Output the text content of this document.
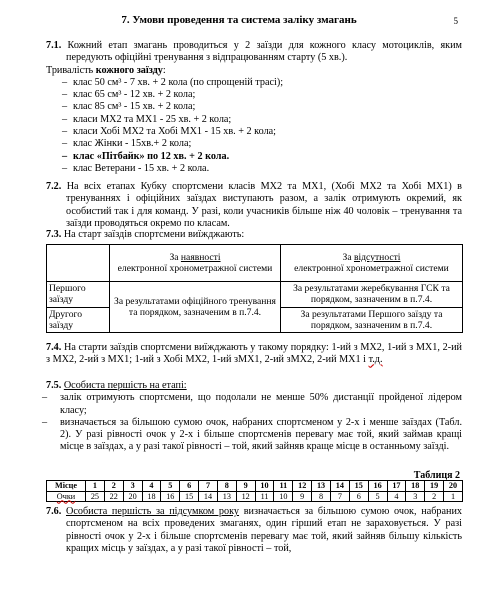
5
7. Умови проведення та система заліку змагань
7.1. Кожний етап змагань проводиться у 2 заїзди для кожного класу мотоциклів, яким передують офіційні тренування з відпрацюванням старту (5 хв.).
Тривалість кожного заїзду:
– клас 50 см³ - 7 хв. + 2 кола (по спрощеній трасі);
– клас 65 см³ - 12 хв. + 2 кола;
– клас 85 см³ - 15 хв. + 2 кола;
– класи МХ2 та МХ1 - 25 хв. + 2 кола;
– класи Хобі МХ2 та Хобі МХ1 - 15 хв. + 2 кола;
– клас Жінки - 15хв.+ 2 кола;
– клас «Пітбайк» по 12 хв. + 2 кола.
– клас Ветерани - 15 хв. + 2 кола.
7.2. На всіх етапах Кубку спортсмени класів МХ2 та МХ1, (Хобі МХ2 та Хобі МХ1) в тренуваннях і офіційних заїздах виступають разом, а залік отримують окремий, як особистий так і для команд. У разі, коли учасників більше ніж 40 чоловік – тренування та заїзди проводяться окремо по класам.
7.3. На старт заїздів спортсмени виїжджають:
	За наявності
електронної хронометражної системи	За відсутності
електронної хронометражної системи
Першого заїзду	За результатами офіційного тренування та порядком, зазначеним в п.7.4.	За результатами жеребкування ГСК та порядком, зазначеним в п.7.4.
Другого заїзду		За результатами Першого заїзду та порядком, зазначеним в п.7.4.
7.4. На старти заїздів спортсмени виїжджають у такому порядку: 1-ий з МХ2, 1-ий з МХ1, 2-ий з МХ2, 2-ий з МХ1; 1-ий з Хобі МХ2, 1-ий зМХ1, 2-ий зМХ2, 2-ий МХ1 і т.д.
7.5. Особиста першість на етапі:
– залік отримують спортсмени, що подолали не менше 50% дистанції пройденої лідером класу;
– визначається за більшою сумою очок, набраних спортсменом у 2-х і менше заїздах (Табл. 2). У разі рівності очок у 2-х і більше спортсменів перевагу має той, який займав кращі місце в заїздах, а у разі такої рівності – той, який зайняв краще місце в останньому заїзді.
Таблиця 2
Місце	1	2	3	4	5	6	7	8	9	10	11	12	13	14	15	16	17	18	19	20
Очки	25	22	20	18	16	15	14	13	12	11	10	9	8	7	6	5	4	3	2	1
7.6. Особиста першість за підсумком року визначається за більшою сумою очок, набраних спортсменом на всіх проведених змаганях, один гірший етап не зараховується. У разі рівності очок у 2-х і більше спортсменів перевагу має той, який зайняв більшу кількість кращих місць у заїздах, а у разі такої рівності – той,
